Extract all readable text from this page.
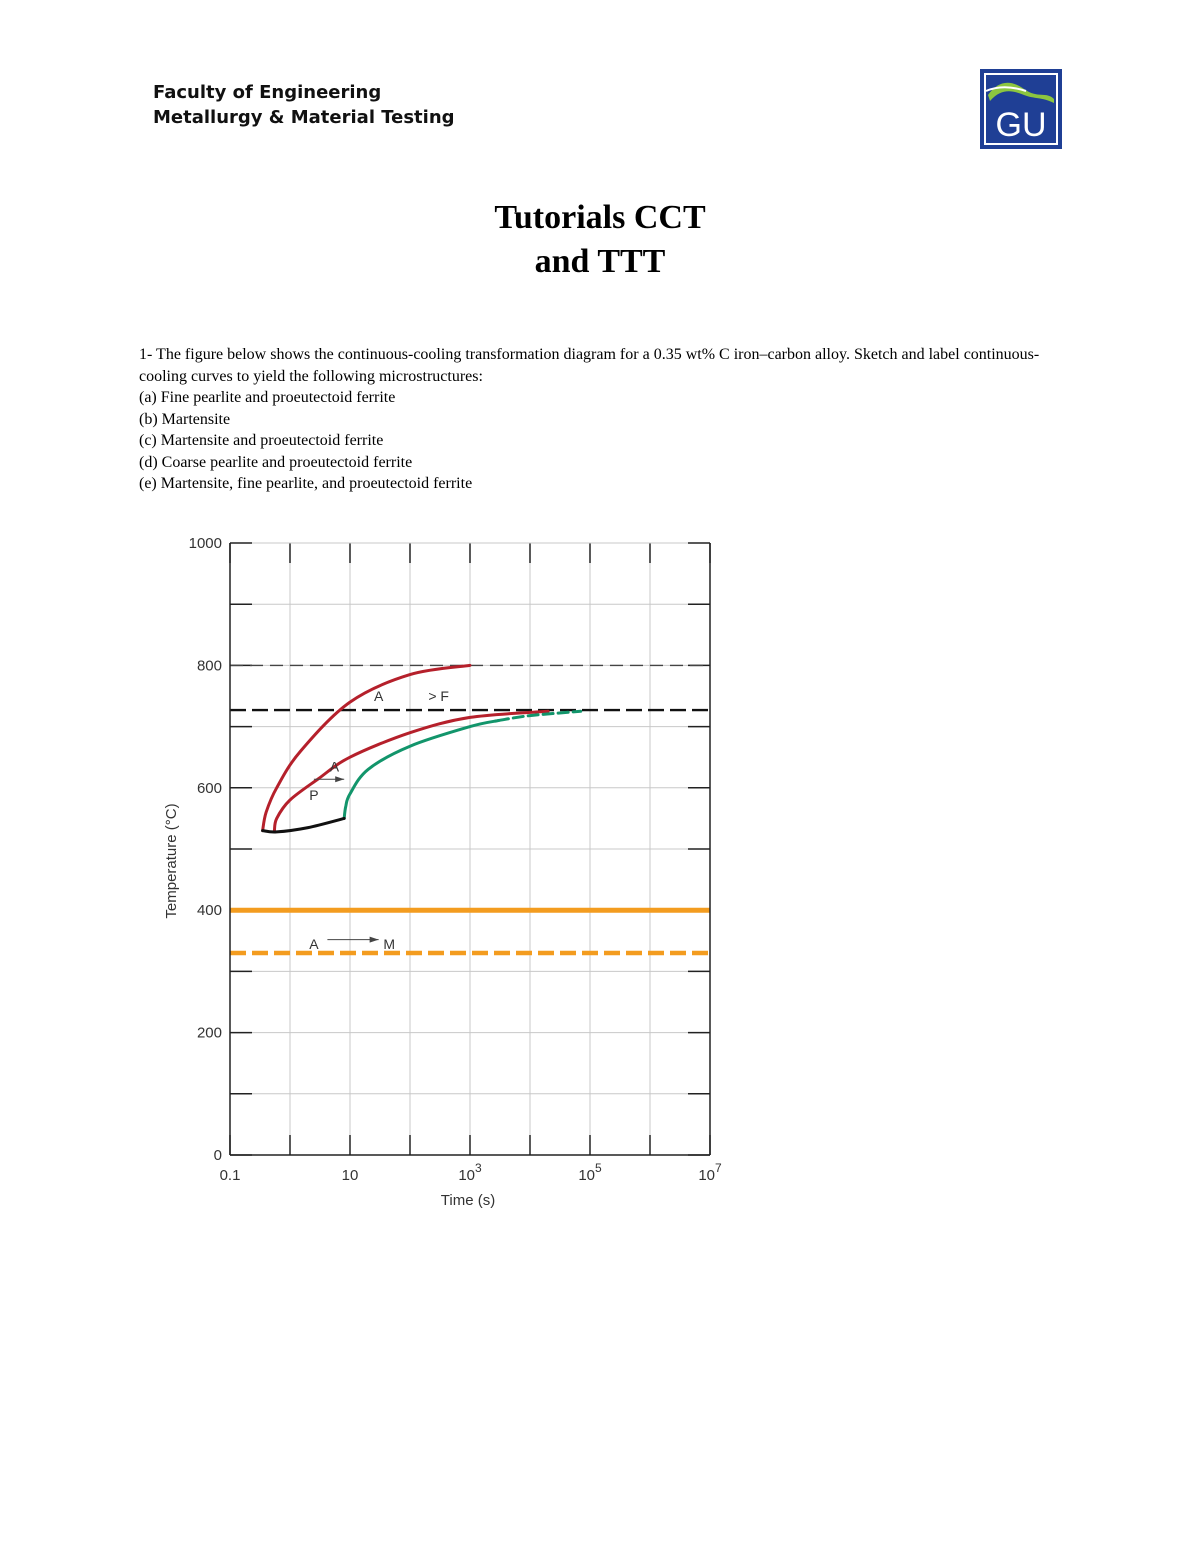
Faculty of Engineering
Metallurgy & Material Testing	GU
Tutorials CCT
and TTT

1- The figure below shows the continuous-cooling transformation diagram for a 0.35 wt% C iron–carbon alloy. Sketch and label continuous-cooling curves to yield the following microstructures:

(a) Fine pearlite and proeutectoid ferrite

(b) Martensite

(c) Martensite and proeutectoid ferrite

(d) Coarse pearlite and proeutectoid ferrite

(e) Martensite, fine pearlite, and proeutectoid ferrite

A	> F
A
P
A	M
0
200
400
600
800
1000
0.1	10	$10^3$	$10^5$	$10^7$
Time (s)
Temperature (°C)
